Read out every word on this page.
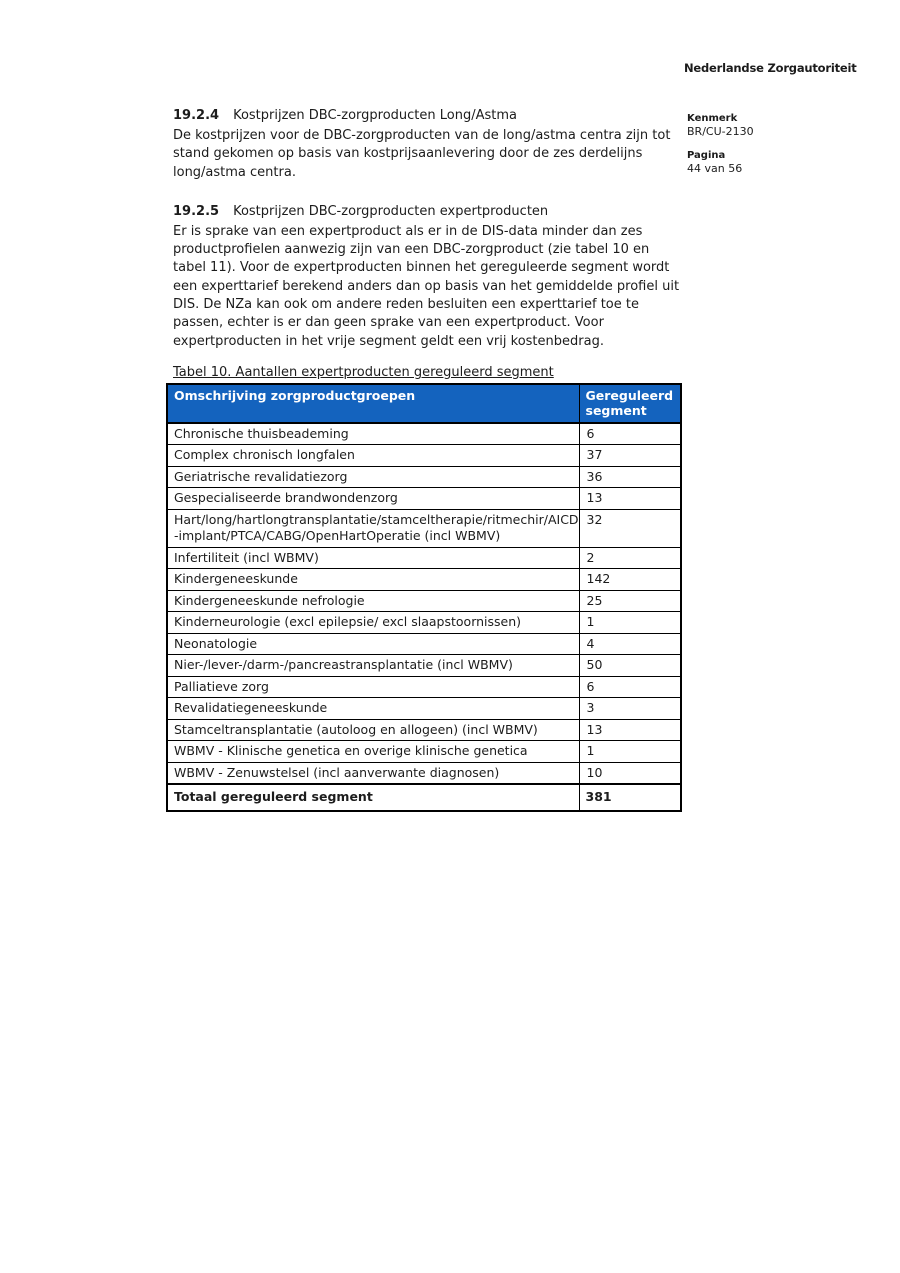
Nederlandse Zorgautoriteit
Kenmerk
BR/CU-2130
Pagina
44 van 56
19.2.4 Kostprijzen DBC-zorgproducten Long/Astma
De kostprijzen voor de DBC-zorgproducten van de long/astma centra zijn tot stand gekomen op basis van kostprijsaanlevering door de zes derdelijns long/astma centra.
19.2.5 Kostprijzen DBC-zorgproducten expertproducten
Er is sprake van een expertproduct als er in de DIS-data minder dan zes productprofielen aanwezig zijn van een DBC-zorgproduct (zie tabel 10 en tabel 11). Voor de expertproducten binnen het gereguleerde segment wordt een experttarief berekend anders dan op basis van het gemiddelde profiel uit DIS. De NZa kan ook om andere reden besluiten een experttarief toe te passen, echter is er dan geen sprake van een expertproduct. Voor expertproducten in het vrije segment geldt een vrij kostenbedrag.
Tabel 10. Aantallen expertproducten gereguleerd segment
Omschrijving zorgproductgroepen	Gereguleerd segment
Chronische thuisbeademing	6
Complex chronisch longfalen	37
Geriatrische revalidatiezorg	36
Gespecialiseerde brandwondenzorg	13
Hart/long/hartlongtransplantatie/stamceltherapie/ritmechir/AICD -implant/PTCA/CABG/OpenHartOperatie (incl WBMV)	32
Infertiliteit (incl WBMV)	2
Kindergeneeskunde	142
Kindergeneeskunde nefrologie	25
Kinderneurologie (excl epilepsie/ excl slaapstoornissen)	1
Neonatologie	4
Nier-/lever-/darm-/pancreastransplantatie (incl WBMV)	50
Palliatieve zorg	6
Revalidatiegeneeskunde	3
Stamceltransplantatie (autoloog en allogeen) (incl WBMV)	13
WBMV - Klinische genetica en overige klinische genetica	1
WBMV - Zenuwstelsel (incl aanverwante diagnosen)	10
Totaal gereguleerd segment	381
